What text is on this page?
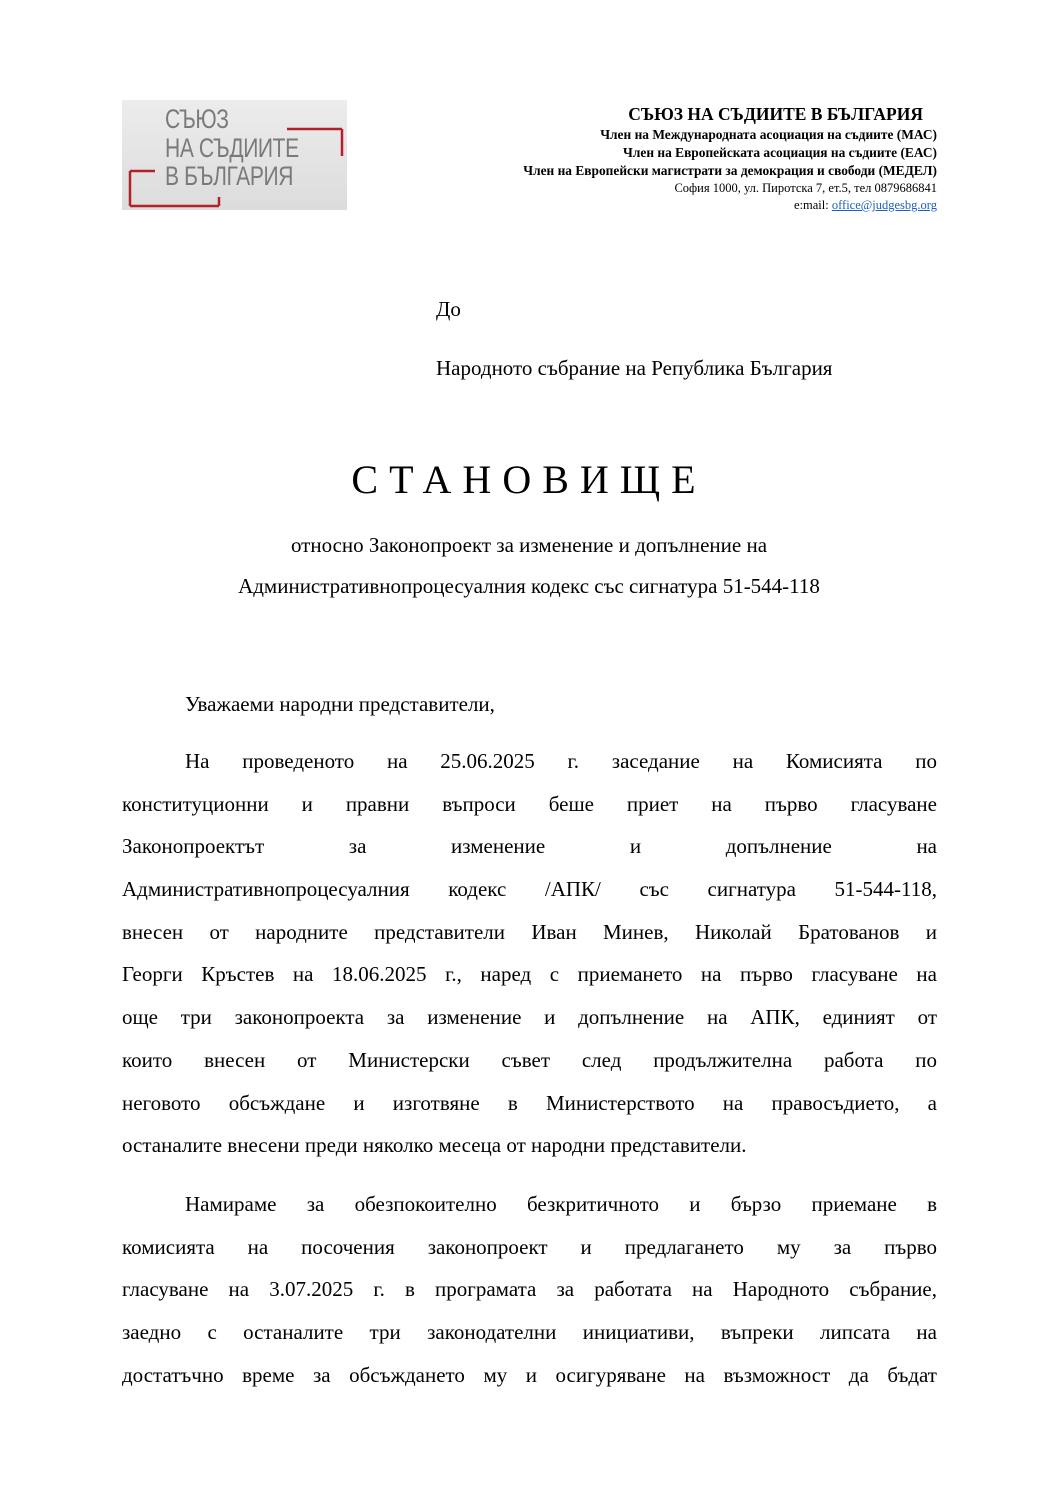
СЪЮЗ
НА СЪДИИТЕ
В БЪЛГАРИЯ
СЪЮЗ НА СЪДИИТЕ В БЪЛГАРИЯ
Член на Международната асоциация на съдиите (МАС)
Член на Европейската асоциация на съдиите (ЕАС)
Член на Европейски магистрати за демокрация и свободи (МЕДЕЛ)
София 1000, ул. Пиротска 7, ет.5, тел 0879686841
e:mail: office@judgesbg.org
До
Народното събрание на Република България
СТАНОВИЩЕ
относно Законопроект за изменение и допълнение на
Административнопроцесуалния кодекс със сигнатура 51-544-118
Уважаеми народни представители,
На проведеното на 25.06.2025 г. заседание на Комисията по
конституционни и правни въпроси беше приет на първо гласуване
Законопроектът за изменение и допълнение на
Административнопроцесуалния кодекс /АПК/ със сигнатура 51-544-118,
внесен от народните представители Иван Минев, Николай Братованов и
Георги Кръстев на 18.06.2025 г., наред с приемането на първо гласуване на
още три законопроекта за изменение и допълнение на АПК, единият от
които внесен от Министерски съвет след продължителна работа по
неговото обсъждане и изготвяне в Министерството на правосъдието, а
останалите внесени преди няколко месеца от народни представители.
Намираме за обезпокоително безкритичното и бързо приемане в
комисията на посочения законопроект и предлагането му за първо
гласуване на 3.07.2025 г. в програмата за работата на Народното събрание,
заедно с останалите три законодателни инициативи, въпреки липсата на
достатъчно време за обсъждането му и осигуряване на възможност да бъдат
